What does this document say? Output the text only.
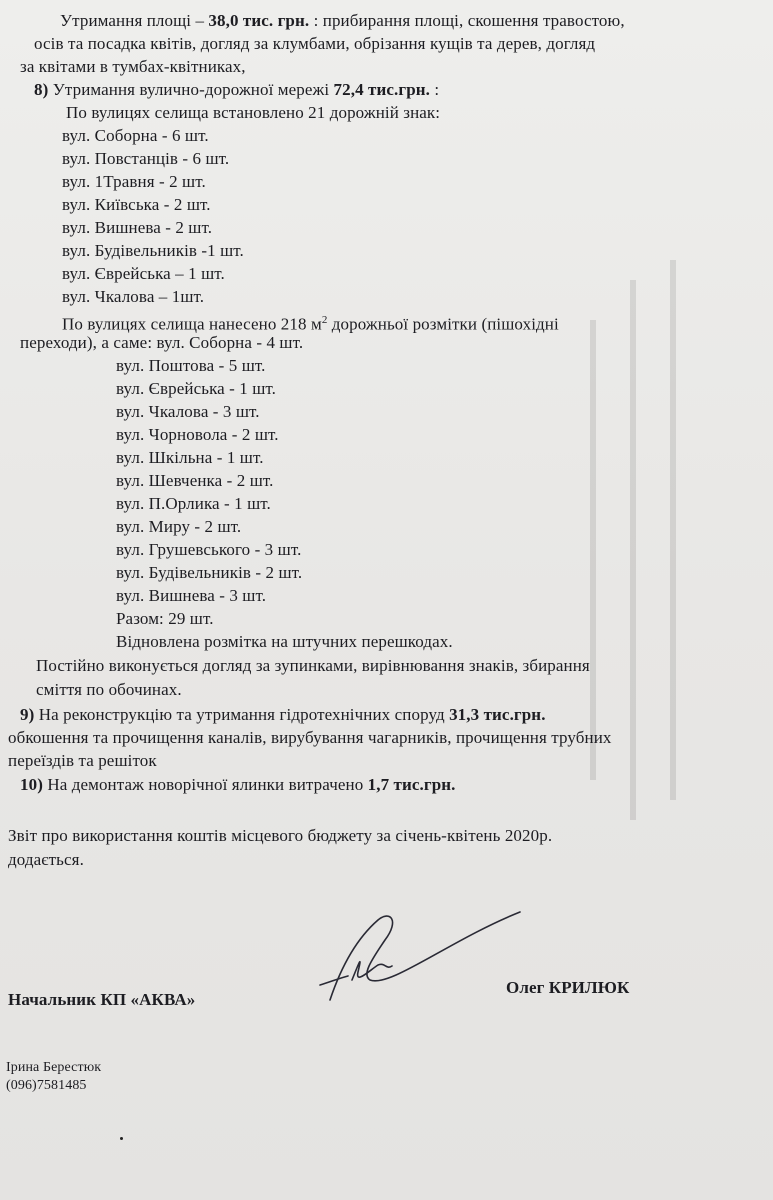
Утримання площі – 38,0 тис. грн. : прибирання площі, скошення травостою,
осів та посадка квітів, догляд за клумбами, обрізання кущів та дерев, догляд
за квітами в тумбах-квітниках,
8) Утримання вулично-дорожної мережі 72,4 тис.грн. :
По вулицях селища встановлено 21 дорожній знак:
вул. Соборна - 6 шт.
вул. Повстанців - 6 шт.
вул. 1Травня - 2 шт.
вул. Київська - 2 шт.
вул. Вишнева - 2 шт.
вул. Будівельників -1 шт.
вул. Єврейська – 1 шт.
вул. Чкалова – 1шт.
По вулицях селища нанесено 218 $м^2$ дорожньої розмітки (пішохідні
переходи), а саме: вул. Соборна - 4 шт.
вул. Поштова - 5 шт.
вул. Єврейська - 1 шт.
вул. Чкалова - 3 шт.
вул. Чорновола - 2 шт.
вул. Шкільна - 1 шт.
вул. Шевченка - 2 шт.
вул. П.Орлика - 1 шт.
вул. Миру - 2 шт.
вул. Грушевського - 3 шт.
вул. Будівельників - 2 шт.
вул. Вишнева - 3 шт.
Разом: 29 шт.
Відновлена розмітка на штучних перешкодах.
Постійно виконується догляд за зупинками, вирівнювання знаків, збирання
сміття по обочинах.
9) На реконструкцію та утримання гідротехнічних споруд 31,3 тис.грн.
обкошення та прочищення каналів, вирубування чагарників, прочищення трубних
переїздів та решіток
10) На демонтаж новорічної ялинки витрачено 1,7 тис.грн.
Звіт про використання коштів місцевого бюджету за січень-квітень 2020р.
додається.
Начальник КП «АКВА»
Олег КРИЛЮК
Ірина Берестюк
(096)7581485
